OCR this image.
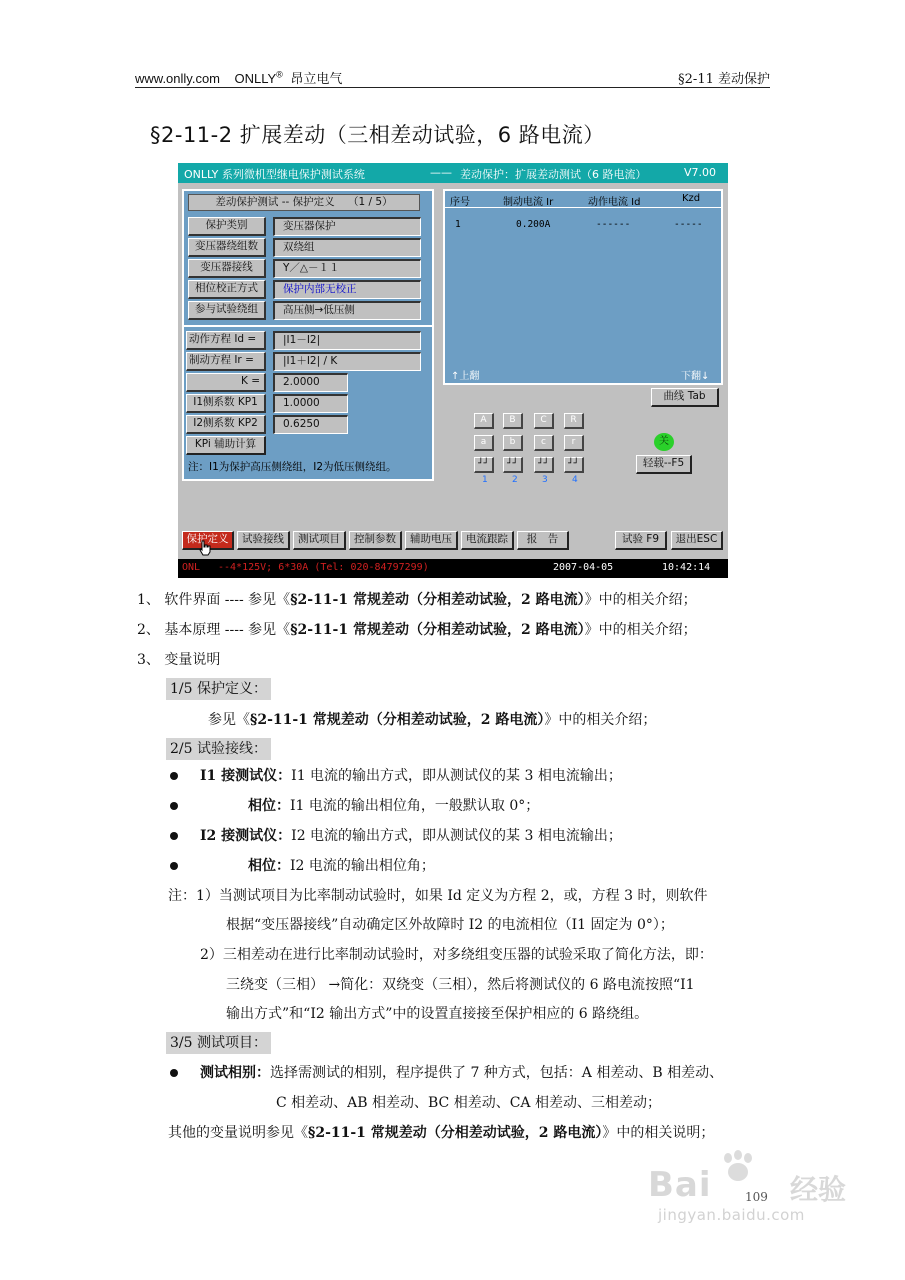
www.onlly.com ONLLY® 昂立电气	§2-11 差动保护
§2-11-2 扩展差动（三相差动试验，6 路电流）
ONLLY 系列微机型继电保护测试系统	—— 差动保护：扩展差动测试（6 路电流）	V7.00
差动保护测试 -- 保护定义 （1 / 5）
保护类别	变压器保护
变压器绕组数	双绕组
变压器接线	Y／△－１１
相位校正方式	保护内部无校正
参与试验绕组	高压侧→低压侧
动作方程 Id =	|I1－I2|
制动方程 Ir =	|I1＋I2| / K
K =	2.0000
I1侧系数 KP1	1.0000
I2侧系数 KP2	0.6250
KPi 辅助计算
注：I1为保护高压侧绕组，I2为低压侧绕组。
序号	制动电流 Ir	动作电流 Id	Kzd
1	0.200A	------	-----
↑上翻	下翻↓
曲线 Tab
A	B	C	R
a	b	c	r
┘┘	┘┘	┘┘	┘┘
1	2	3	4
关
轻载--F5
保护定义	试验接线	测试项目	控制参数	辅助电压	电流跟踪	报　告	试验 F9	退出ESC
ONL --4*125V; 6*30A (Tel: 020-84797299)	2007-04-05	10:42:14
1、 软件界面 ---- 参见《§2-11-1 常规差动（分相差动试验，2 路电流）》中的相关介绍；
2、 基本原理 ---- 参见《§2-11-1 常规差动（分相差动试验，2 路电流）》中的相关介绍；
3、 变量说明
1/5 保护定义：
参见《§2-11-1 常规差动（分相差动试验，2 路电流）》中的相关介绍；
2/5 试验接线：
I1 接测试仪：I1 电流的输出方式，即从测试仪的某 3 相电流输出；
相位：I1 电流的输出相位角，一般默认取 0°；
I2 接测试仪：I2 电流的输出方式，即从测试仪的某 3 相电流输出；
相位：I2 电流的输出相位角；
注：1）当测试项目为比率制动试验时，如果 Id 定义为方程 2，或，方程 3 时，则软件
根据“变压器接线”自动确定区外故障时 I2 的电流相位（I1 固定为 0°）；
2）三相差动在进行比率制动试验时，对多绕组变压器的试验采取了简化方法，即：
三绕变（三相） →简化：双绕变（三相），然后将测试仪的 6 路电流按照“I1
输出方式”和“I2 输出方式”中的设置直接接至保护相应的 6 路绕组。
3/5 测试项目：
测试相别：选择需测试的相别，程序提供了 7 种方式，包括：A 相差动、B 相差动、
C 相差动、AB 相差动、BC 相差动、CA 相差动、三相差动；
其他的变量说明参见《§2-11-1 常规差动（分相差动试验，2 路电流）》中的相关说明；
Bai	经验
jingyan.baidu.com
109
